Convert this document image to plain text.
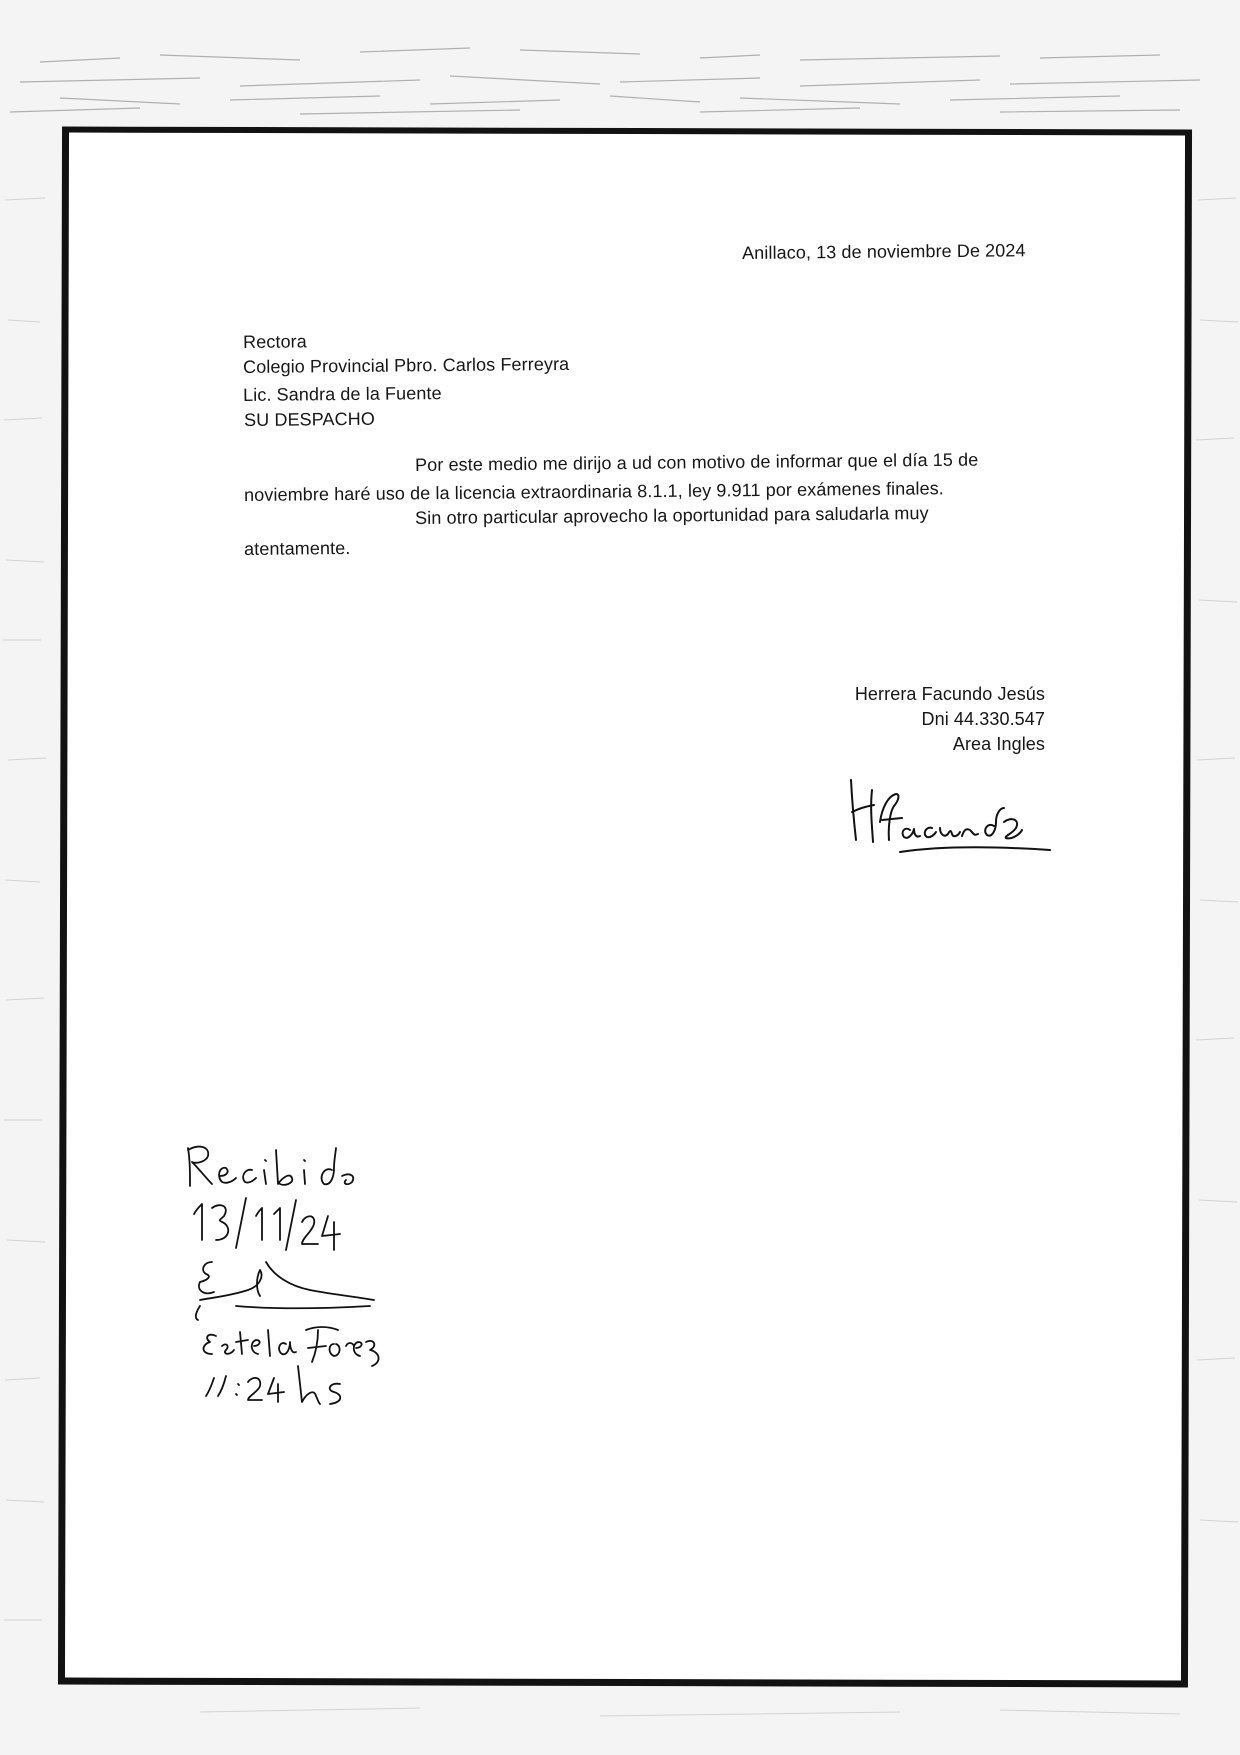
Anillaco, 13 de noviembre De 2024
Rectora
Colegio Provincial Pbro. Carlos Ferreyra
Lic. Sandra de la Fuente
SU DESPACHO
Por este medio me dirijo a ud con motivo de informar que el día 15 de
noviembre haré uso de la licencia extraordinaria 8.1.1, ley 9.911 por exámenes finales.
Sin otro particular aprovecho la oportunidad para saludarla muy
atentamente.
Herrera Facundo Jesús
Dni 44.330.547
Area Ingles
